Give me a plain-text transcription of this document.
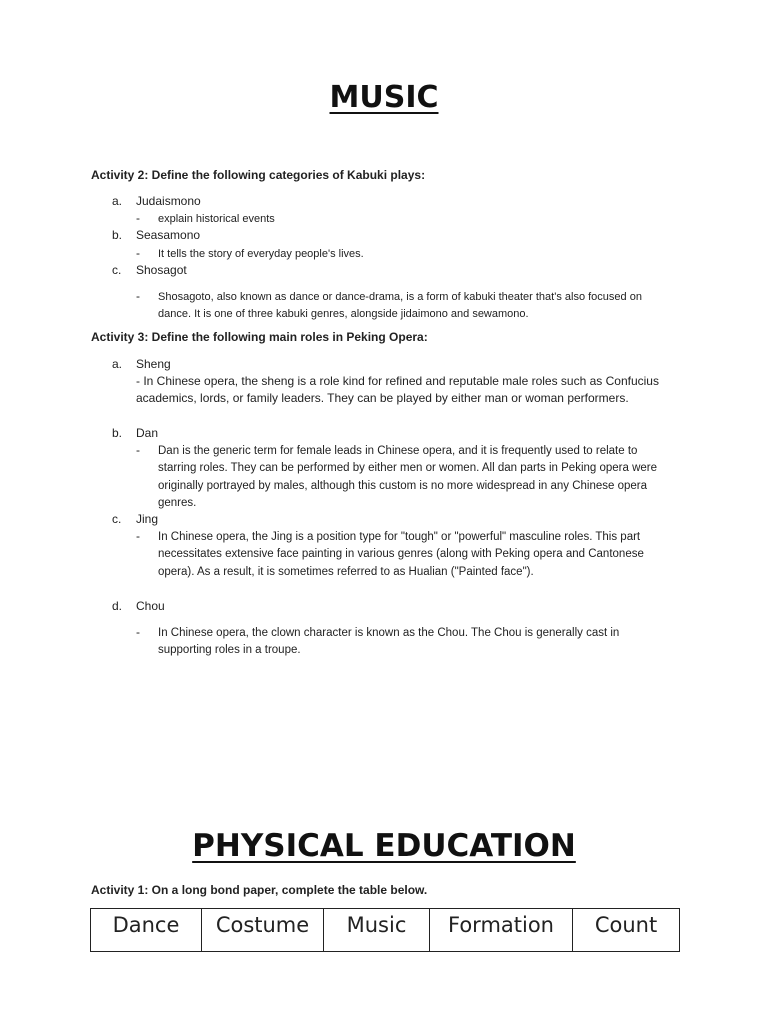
MUSIC
Activity 2: Define the following categories of Kabuki plays:
a. Judaismono
- explain historical events
b. Seasamono
- It tells the story of everyday people's lives.
c. Shosagot
- Shosagoto, also known as dance or dance-drama, is a form of kabuki theater that's also focused on dance. It is one of three kabuki genres, alongside jidaimono and sewamono.
Activity 3: Define the following main roles in Peking Opera:
a. Sheng
- In Chinese opera, the sheng is a role kind for refined and reputable male roles such as Confucius academics, lords, or family leaders. They can be played by either man or woman performers.
b. Dan
- Dan is the generic term for female leads in Chinese opera, and it is frequently used to relate to starring roles. They can be performed by either men or women. All dan parts in Peking opera were originally portrayed by males, although this custom is no more widespread in any Chinese opera genres.
c. Jing
- In Chinese opera, the Jing is a position type for "tough" or "powerful" masculine roles. This part necessitates extensive face painting in various genres (along with Peking opera and Cantonese opera). As a result, it is sometimes referred to as Hualian ("Painted face").
d. Chou
- In Chinese opera, the clown character is known as the Chou. The Chou is generally cast in supporting roles in a troupe.
PHYSICAL EDUCATION
Activity 1: On a long bond paper, complete the table below.
Dance	Costume	Music	Formation	Count
